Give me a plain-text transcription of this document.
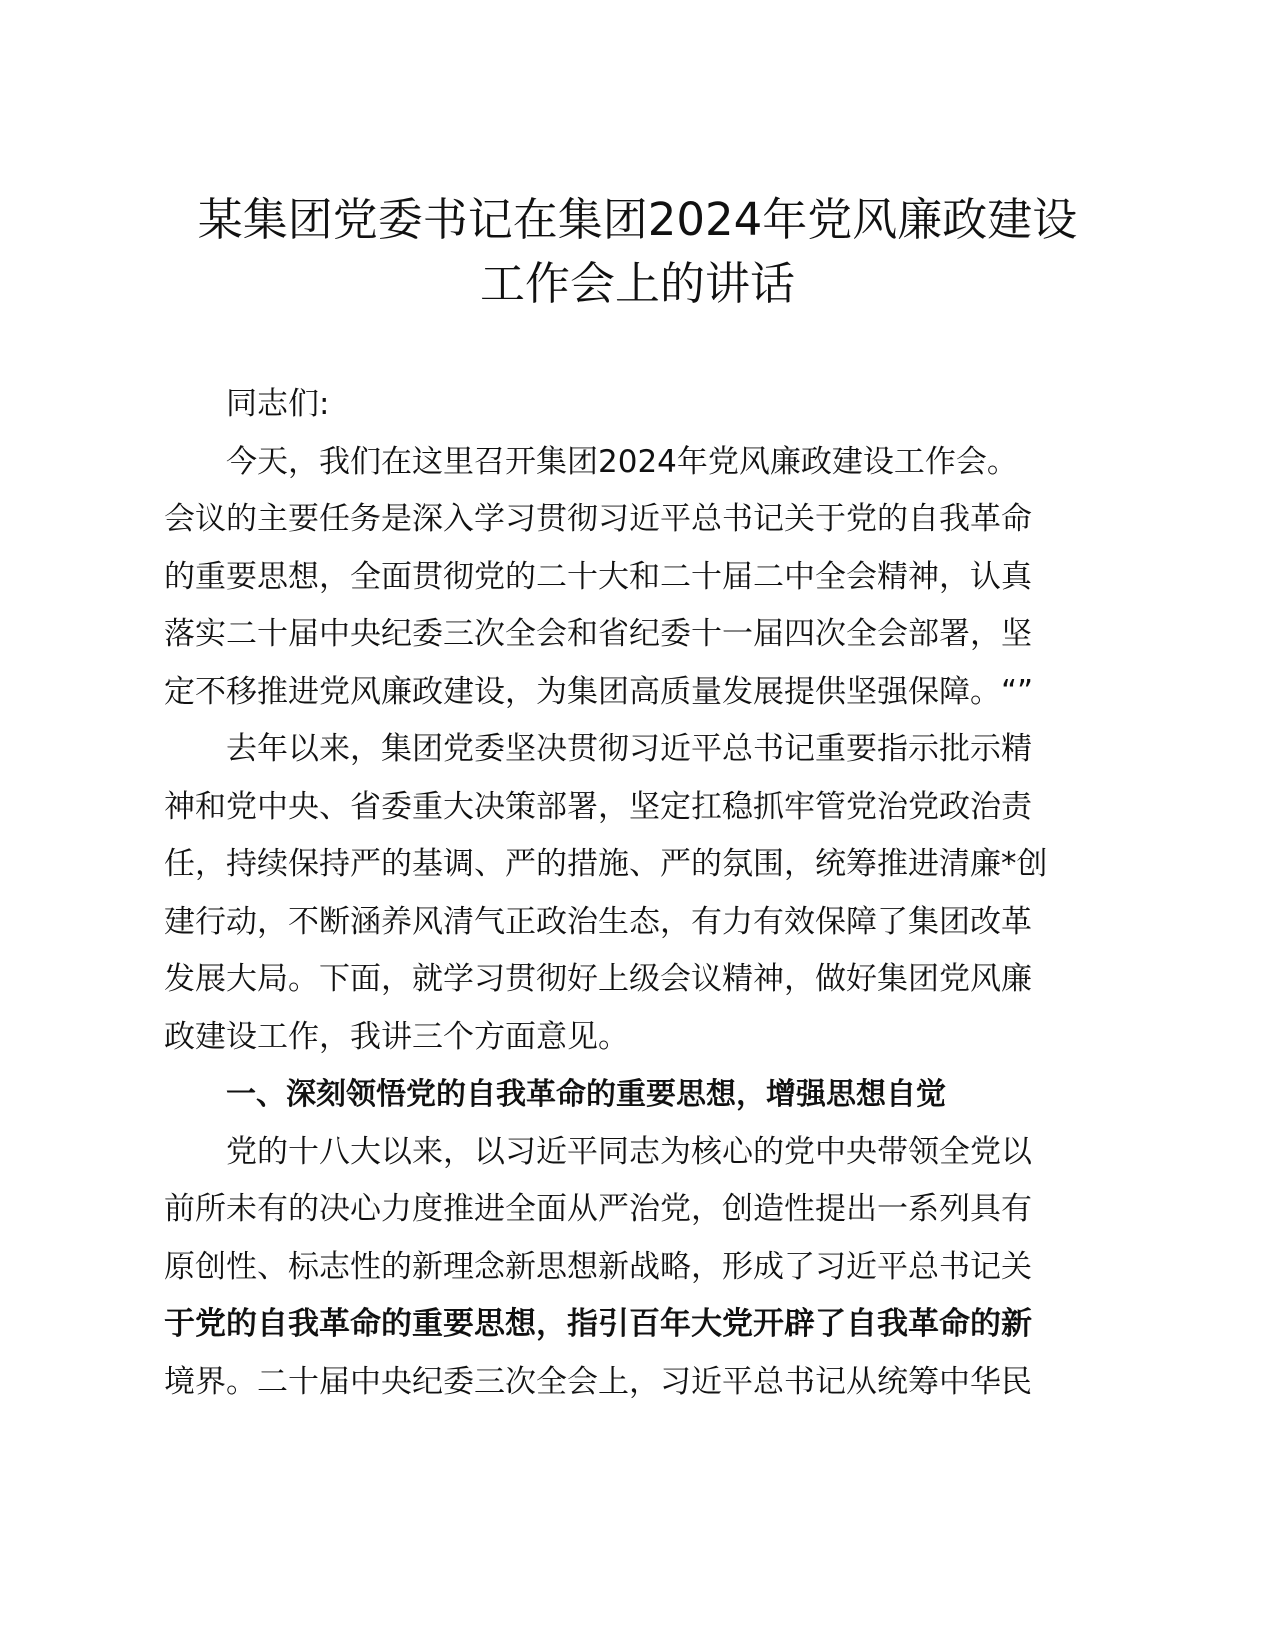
某集团党委书记在集团2024年党风廉政建设
工作会上的讲话
同志们:
今天，我们在这里召开集团2024年党风廉政建设工作会。
会议的主要任务是深入学习贯彻习近平总书记关于党的自我革命
的重要思想，全面贯彻党的二十大和二十届二中全会精神，认真
落实二十届中央纪委三次全会和省纪委十一届四次全会部署，坚
定不移推进党风廉政建设，为集团高质量发展提供坚强保障。“”
去年以来，集团党委坚决贯彻习近平总书记重要指示批示精
神和党中央、省委重大决策部署，坚定扛稳抓牢管党治党政治责
任，持续保持严的基调、严的措施、严的氛围，统筹推进清廉*创
建行动，不断涵养风清气正政治生态，有力有效保障了集团改革
发展大局。下面，就学习贯彻好上级会议精神，做好集团党风廉
政建设工作，我讲三个方面意见。
一、深刻领悟党的自我革命的重要思想，增强思想自觉
党的十八大以来，以习近平同志为核心的党中央带领全党以
前所未有的决心力度推进全面从严治党，创造性提出一系列具有
原创性、标志性的新理念新思想新战略，形成了习近平总书记关
于党的自我革命的重要思想，指引百年大党开辟了自我革命的新
境界。二十届中央纪委三次全会上，习近平总书记从统筹中华民
